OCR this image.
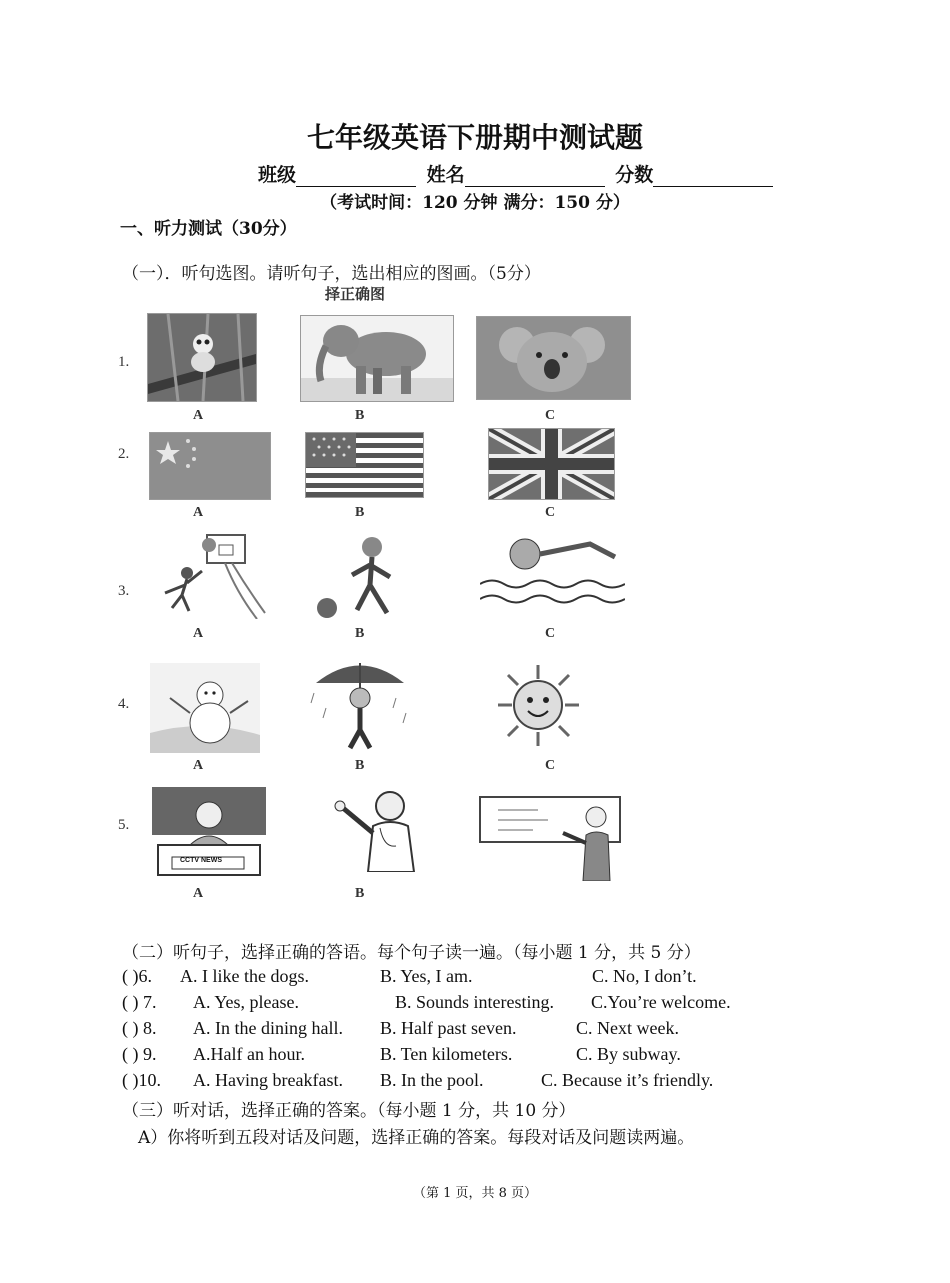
七年级英语下册期中测试题
班级	姓名	分数
（考试时间：120 分钟 满分：150 分）
一、听力测试（30分）
（一）．听句选图。请听句子，选出相应的图画。（5分）
择正确图
1.
A	B	C
2.
A	B	C
3.
A	B	C
4.
A	B	C
5.
CCTV NEWS
A	B
（二）听句子，选择正确的答语。每个句子读一遍。（每小题 1 分，共 5 分）
( )6. A. I like the dogs.	B. Yes, I am.	C. No, I don’t.
( ) 7. A. Yes, please.	B. Sounds interesting. C.You’re welcome.
( ) 8. A. In the dining hall. B. Half past seven.	C. Next week.
( ) 9. A.Half an hour.	B. Ten kilometers.	C. By subway.
( )10. A. Having breakfast. B. In the pool.	C. Because it’s friendly.
（三）听对话，选择正确的答案。（每小题 1 分，共 10 分）
A）你将听到五段对话及问题，选择正确的答案。每段对话及问题读两遍。
（第 1 页，共 8 页）
